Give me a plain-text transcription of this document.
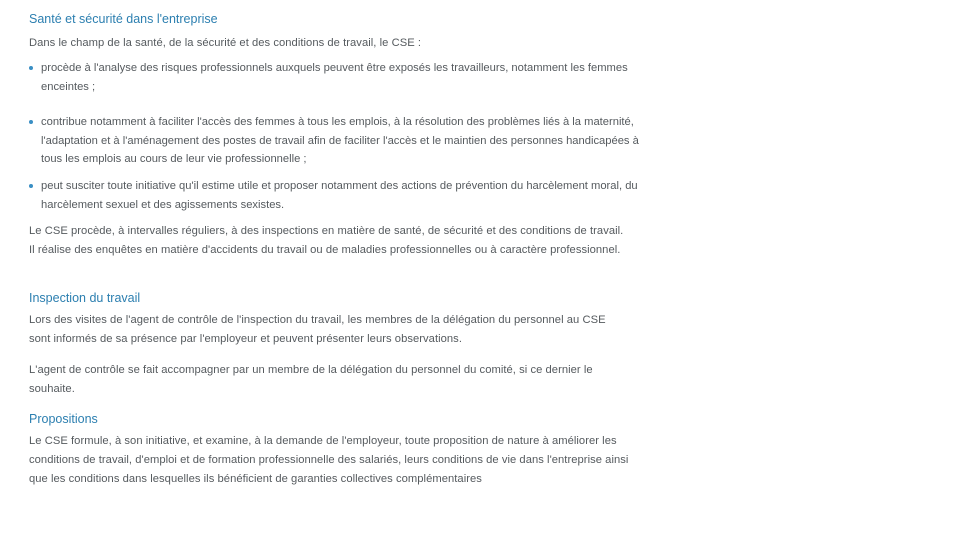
Santé et sécurité dans l'entreprise

Dans le champ de la santé, de la sécurité et des conditions de travail, le CSE :

procède à l'analyse des risques professionnels auxquels peuvent être exposés les travailleurs, notamment les femmes enceintes ;
contribue notamment à faciliter l'accès des femmes à tous les emplois, à la résolution des problèmes liés à la maternité, l'adaptation et à l'aménagement des postes de travail afin de faciliter l'accès et le maintien des personnes handicapées à tous les emplois au cours de leur vie professionnelle ;
peut susciter toute initiative qu'il estime utile et proposer notamment des actions de prévention du harcèlement moral, du harcèlement sexuel et des agissements sexistes.

Le CSE procède, à intervalles réguliers, à des inspections en matière de santé, de sécurité et des conditions de travail. Il réalise des enquêtes en matière d'accidents du travail ou de maladies professionnelles ou à caractère professionnel.

Inspection du travail

Lors des visites de l'agent de contrôle de l'inspection du travail, les membres de la délégation du personnel au CSE sont informés de sa présence par l'employeur et peuvent présenter leurs observations.

L'agent de contrôle se fait accompagner par un membre de la délégation du personnel du comité, si ce dernier le souhaite.

Propositions

Le CSE formule, à son initiative, et examine, à la demande de l'employeur, toute proposition de nature à améliorer les conditions de travail, d'emploi et de formation professionnelle des salariés, leurs conditions de vie dans l'entreprise ainsi que les conditions dans lesquelles ils bénéficient de garanties collectives complémentaires
